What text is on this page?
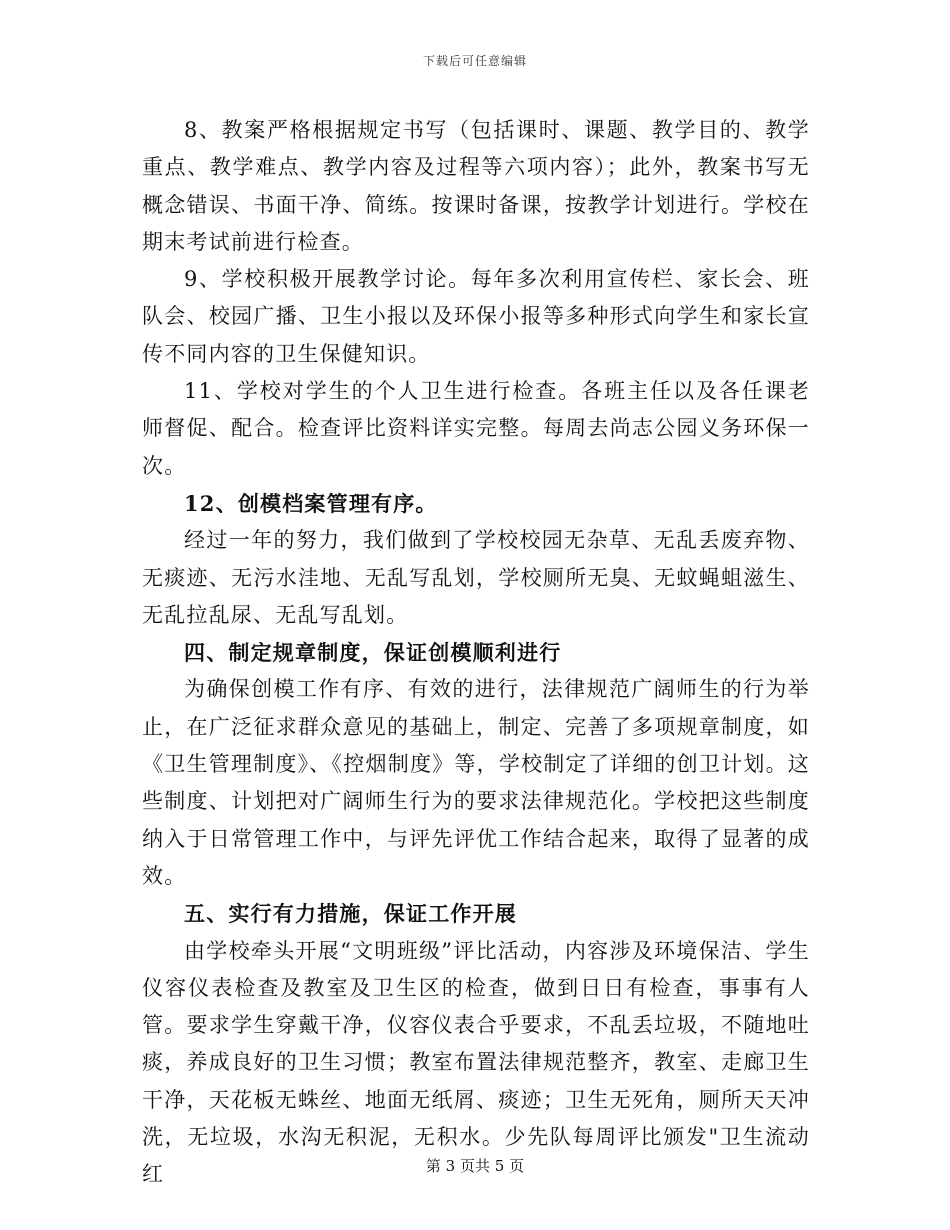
下载后可任意编辑

8、教案严格根据规定书写（包括课时、课题、教学目的、教学重点、教学难点、教学内容及过程等六项内容）；此外，教案书写无概念错误、书面干净、简练。按课时备课，按教学计划进行。学校在期末考试前进行检查。

9、学校积极开展教学讨论。每年多次利用宣传栏、家长会、班队会、校园广播、卫生小报以及环保小报等多种形式向学生和家长宣传不同内容的卫生保健知识。

11、学校对学生的个人卫生进行检查。各班主任以及各任课老师督促、配合。检查评比资料详实完整。每周去尚志公园义务环保一次。

12、创模档案管理有序。

经过一年的努力，我们做到了学校校园无杂草、无乱丢废弃物、无痰迹、无污水洼地、无乱写乱划，学校厕所无臭、无蚊蝇蛆滋生、无乱拉乱尿、无乱写乱划。

四、制定规章制度，保证创模顺利进行

为确保创模工作有序、有效的进行，法律规范广阔师生的行为举止，在广泛征求群众意见的基础上，制定、完善了多项规章制度，如《卫生管理制度》、《控烟制度》等，学校制定了详细的创卫计划。这些制度、计划把对广阔师生行为的要求法律规范化。学校把这些制度纳入于日常管理工作中，与评先评优工作结合起来，取得了显著的成效。

五、实行有力措施，保证工作开展

由学校牵头开展“文明班级”评比活动，内容涉及环境保洁、学生仪容仪表检查及教室及卫生区的检查，做到日日有检查，事事有人管。要求学生穿戴干净，仪容仪表合乎要求，不乱丢垃圾，不随地吐痰，养成良好的卫生习惯；教室布置法律规范整齐，教室、走廊卫生干净，天花板无蛛丝、地面无纸屑、痰迹；卫生无死角，厕所天天冲洗，无垃圾，水沟无积泥，无积水。少先队每周评比颁发"卫生流动红	第 3 页共 5 页
